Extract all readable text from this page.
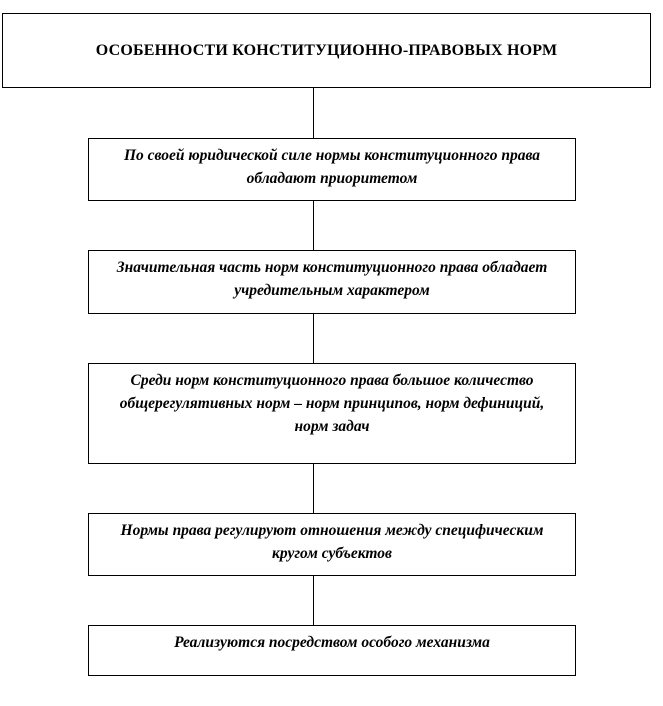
ОСОБЕННОСТИ КОНСТИТУЦИОННО-ПРАВОВЫХ НОРМ
По своей юридической силе нормы конституционного права обладают приоритетом
Значительная часть норм конституционного права обладает учредительным характером
Среди норм конституционного права большое количество общерегулятивных норм – норм принципов, норм дефиниций, норм задач
Нормы права регулируют отношения между специфическим кругом субъектов
Реализуются посредством особого механизма
